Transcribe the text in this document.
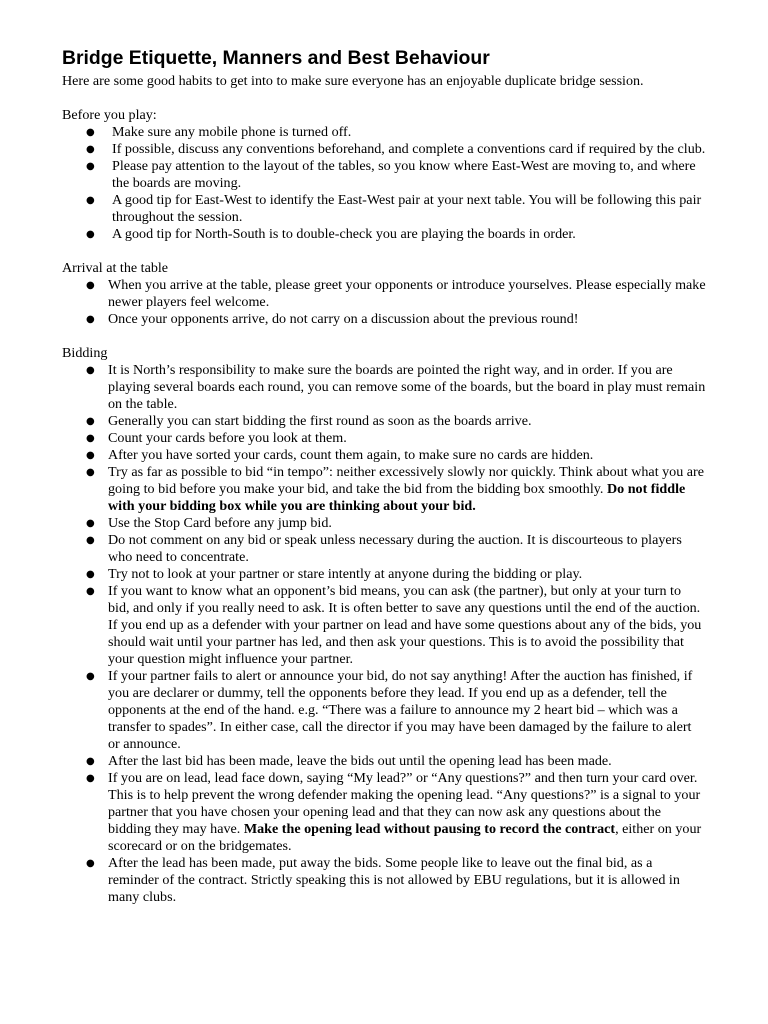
Bridge Etiquette, Manners and Best Behaviour

Here are some good habits to get into to make sure everyone has an enjoyable duplicate bridge session.

Before you play:

● Make sure any mobile phone is turned off.
● If possible, discuss any conventions beforehand, and complete a conventions card if required by the club.
● Please pay attention to the layout of the tables, so you know where East-West are moving to, and where the boards are moving.
● A good tip for East-West to identify the East-West pair at your next table. You will be following this pair throughout the session.
● A good tip for North-South is to double-check you are playing the boards in order.

Arrival at the table

● When you arrive at the table, please greet your opponents or introduce yourselves. Please especially make newer players feel welcome.
● Once your opponents arrive, do not carry on a discussion about the previous round!

Bidding

● It is North’s responsibility to make sure the boards are pointed the right way, and in order. If you are playing several boards each round, you can remove some of the boards, but the board in play must remain on the table.
● Generally you can start bidding the first round as soon as the boards arrive.
● Count your cards before you look at them.
● After you have sorted your cards, count them again, to make sure no cards are hidden.
● Try as far as possible to bid “in tempo”: neither excessively slowly nor quickly. Think about what you are going to bid before you make your bid, and take the bid from the bidding box smoothly. Do not fiddle with your bidding box while you are thinking about your bid.
● Use the Stop Card before any jump bid.
● Do not comment on any bid or speak unless necessary during the auction. It is discourteous to players who need to concentrate.
● Try not to look at your partner or stare intently at anyone during the bidding or play.
● If you want to know what an opponent’s bid means, you can ask (the partner), but only at your turn to bid, and only if you really need to ask. It is often better to save any questions until the end of the auction. If you end up as a defender with your partner on lead and have some questions about any of the bids, you should wait until your partner has led, and then ask your questions. This is to avoid the possibility that your question might influence your partner.
● If your partner fails to alert or announce your bid, do not say anything! After the auction has finished, if you are declarer or dummy, tell the opponents before they lead. If you end up as a defender, tell the opponents at the end of the hand. e.g. “There was a failure to announce my 2 heart bid – which was a transfer to spades”. In either case, call the director if you may have been damaged by the failure to alert or announce.
● After the last bid has been made, leave the bids out until the opening lead has been made.
● If you are on lead, lead face down, saying “My lead?” or “Any questions?” and then turn your card over. This is to help prevent the wrong defender making the opening lead. “Any questions?” is a signal to your partner that you have chosen your opening lead and that they can now ask any questions about the bidding they may have. Make the opening lead without pausing to record the contract, either on your scorecard or on the bridgemates.
● After the lead has been made, put away the bids. Some people like to leave out the final bid, as a reminder of the contract. Strictly speaking this is not allowed by EBU regulations, but it is allowed in many clubs.
